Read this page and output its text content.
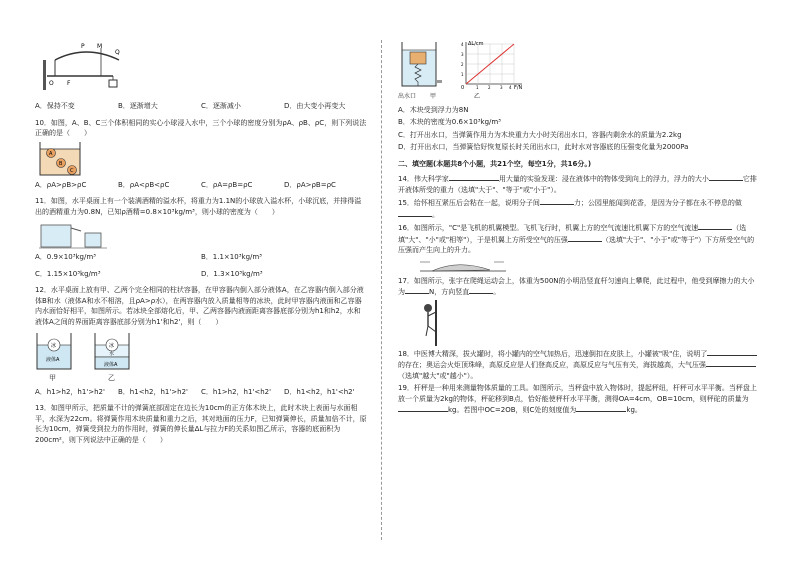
P M
Q
O F
A．保持不变	B．逐渐增大	C．逐渐减小	D．由大变小再变大
10．如图，A、B、C三个体积相同的实心小球浸入水中，三个小球的密度分别为ρA、ρB、ρC，则下列说法正确的是（　　）
A
B
C
A．ρA>ρB>ρC	B．ρA<ρB<ρC	C．ρA=ρB=ρC	D．ρA>ρB=ρC
11．如图，水平桌面上有一个装满酒精的溢水杯，将重力为1.1N的小球放入溢水杯，小球沉底，并排得溢出的酒精重力为0.8N，已知ρ酒精=0.8×10³kg/m³，则小球的密度为（　　）
A．0.9×10³kg/m³	B．1.1×10³kg/m³
C．1.15×10³kg/m³	D．1.3×10³kg/m³
12．水平桌面上放有甲、乙两个完全相同的柱状容器，在甲容器内倒入部分液体A，在乙容器内倒入部分液体B和水（液体A和水不相溶，且ρA>ρ水），在两容器内放入质量相等的冰块，此时甲容器内液面和乙容器内水面恰好相平，如图所示。若冰块全部熔化后，甲、乙两容器内液面距离容器底部分别为h1和h2，水和液体A之间的界面距离容器底部分别为h1'和h2'，则（　　）
冰
液体A
冰
水
液体A
甲	乙
A．h1>h2，h1'>h2'	B．h1<h2，h1'>h2'	C．h1>h2，h1'<h2'	D．h1<h2，h1'<h2'
13．如图甲所示，把质量不计的弹簧底部固定在边长为10cm的正方体木块上，此时木块上表面与水面相平，水深为22cm。将弹簧作用木块质量和重力之后，其对地面的压力F，已知弹簧伸长，质量加倍不计，原长为10cm，弹簧受到拉力的作用时，弹簧的伸长量ΔL与拉力F的关系如图乙所示，容器的底面积为200cm²，则下列说法中正确的是（　　）
ΔL/cm
F/N
0
4
3
2
1
1 2 3 4
出水口 甲	乙
A．木块受到浮力为8N
B．木块的密度为0.6×10³kg/m³
C．打开出水口，当弹簧作用力为木块重力大小时关闭出水口，容器内剩余水的质量为2.2kg
D．打开出水口，当弹簧恰好恢复原长时关闭出水口，此时水对容器底的压强变化量为2000Pa
二、填空题(本题共8个小题，共21个空，每空1分，共16分。)
14．伟大科学家	用大量的实验发现：浸在液体中的物体受到向上的浮力，浮力的大小	它排开液体所受的重力（选填"大于"、"等于"或"小于"）。
15．给怀相互紧压后会粘在一起，说明分子间	力；公园里能闻到花香，是因为分子都在永不停息的做。
16．如图所示，"C"是飞机的机翼模型。飞机飞行时，机翼上方的空气流速比机翼下方的空气流速	（选填"大"、"小"或"相等"），于是机翼上方所受空气的压强	（选填"大于"、"小于"或"等于"）下方所受空气的压强而产生向上的升力。
17．如图所示，张宇在爬绳运动会上，体重为500N的小明沿竖直杆匀速向上攀爬，此过程中，他受到摩擦力的大小为	N，方向竖直	。
18．中医博大精深，拔火罐时，将小罐内的空气加热后，迅速倒扣在皮肤上，小罐被"吸"住，说明了的存在；奥运会火炬顶珠峰，高原反应是人们登高反应，高原反应与气压有关，海拔越高，大气压强（选填"越大"或"越小"）。
19．杆秤是一种用来测量物体质量的工具。如图所示，当秤盘中放入物体时，提起秤纽，杆秤可水平平衡。当秤盘上放一个质量为2kg的物体，秤砣移到B点，恰好能使秤杆水平平衡，测得OA=4cm，OB=10cm，则秤砣的质量为kg。若图中OC=2OB，则C处的刻度值为	kg。
